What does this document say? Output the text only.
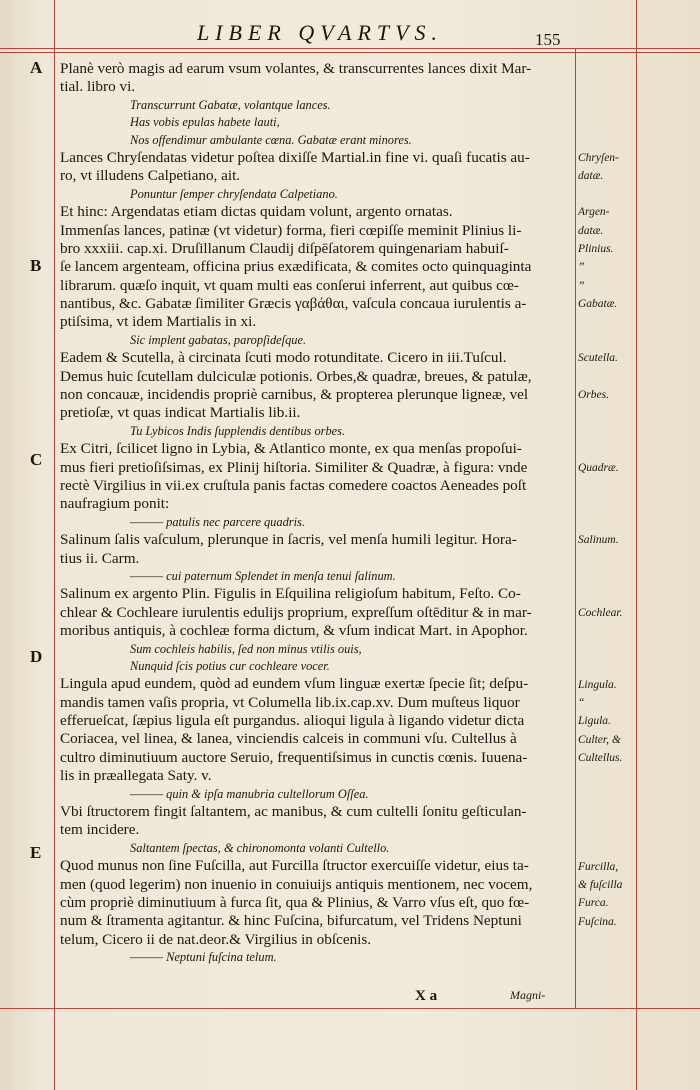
LIBER QVARTVS.	155
A
B
C
D
E
Planè verò magis ad earum vsum volantes, & transcurrentes lances dixit Mar-
tial. libro vi.
Transcurrunt Gabatæ, volantque lances.
Has vobis epulas habete lauti,
Nos offendimur ambulante cœna. Gabatæ erant minores.
Lances Chryſendatas videtur poſtea dixiſſe Martial.in fine vi. quaſi fucatis au-
ro, vt illudens Calpetiano, ait.
Ponuntur ſemper chryſendata Calpetiano.
Et hinc: Argendatas etiam dictas quidam volunt, argento ornatas.
Immenſas lances, patinæ (vt videtur) forma, fieri cœpiſſe meminit Plinius li-
bro xxxiii. cap.xi. Druſillanum Claudij diſpēſatorem quingenariam habuiſ-
ſe lancem argenteam, officina prius exædificata, & comites octo quinquaginta
librarum. quæſo inquit, vt quam multi eas conſerui inferrent, aut quibus cœ-
nantibus, &c. Gabatæ ſimiliter Græcis γαβάθαι, vaſcula concaua iurulentis a-
ptiſsima, vt idem Martialis in xi.
Sic implent gabatas, paropſideſque.
Eadem & Scutella, à circinata ſcuti modo rotunditate. Cicero in iii.Tuſcul.
Demus huic ſcutellam dulciculæ potionis. Orbes,& quadræ, breues, & patulæ,
non concauæ, incidendis propriè carnibus, & propterea plerunque ligneæ, vel
pretioſæ, vt quas indicat Martialis lib.ii.
Tu Lybicos Indis ſupplendis dentibus orbes.
Ex Citri, ſcilicet ligno in Lybia, & Atlantico monte, ex qua menſas propoſui-
mus fieri pretioſiſsimas, ex Plinij hiſtoria. Similiter & Quadræ, à figura: vnde
rectè Virgilius in vii.ex cruſtula panis factas comedere coactos Aeneades poſt
naufragium ponit:
——— patulis nec parcere quadris.
Salinum ſalis vaſculum, plerunque in ſacris, vel menſa humili legitur. Hora-
tius ii. Carm.
——— cui paternum Splendet in menſa tenui ſalinum.
Salinum ex argento Plin. Figulis in Eſquilina religioſum habitum, Feſto. Co-
chlear & Cochleare iurulentis edulijs proprium, expreſſum oſtēditur & in mar-
moribus antiquis, à cochleæ forma dictum, & vſum indicat Mart. in Apophor.
Sum cochleis habilis, ſed non minus vtilis ouis,
Nunquid ſcis potius cur cochleare vocer.
Lingula apud eundem, quòd ad eundem vſum linguæ exertæ ſpecie ſit; deſpu-
mandis tamen vaſis propria, vt Columella lib.ix.cap.xv. Dum muſteus liquor
efferueſcat, ſæpius ligula eſt purgandus. alioqui ligula à ligando videtur dicta
Coriacea, vel linea, & lanea, vinciendis calceis in communi vſu. Cultellus à
cultro diminutiuum auctore Seruio, frequentiſsimus in cunctis cœnis. Iuuena-
lis in præallegata Saty. v.
——— quin & ipſa manubria cultellorum Oſſea.
Vbi ſtructorem fingit ſaltantem, ac manibus, & cum cultelli ſonitu geſticulan-
tem incidere.
Saltantem ſpectas, & chironomonta volanti Cultello.
Quod munus non ſine Fuſcilla, aut Furcilla ſtructor exercuiſſe videtur, eius ta-
men (quod legerim) non inuenio in conuiuijs antiquis mentionem, nec vocem,
cùm propriè diminutiuum à furca ſit, qua & Plinius, & Varro vſus eſt, quo fœ-
num & ſtramenta agitantur. & hinc Fuſcina, bifurcatum, vel Tridens Neptuni
telum, Cicero ii de nat.deor.& Virgilius in obſcenis.
——— Neptuni fuſcina telum.
Chryſen-
datæ.
Argen-
datæ.
Plinius.
”
”
Gabatæ.
Scutella.
Orbes.
Quadræ.
Salinum.
Cochlear.
Lingula.
“
Ligula.
Culter, &
Cultellus.
Furcilla,
& fuſcilla
Furca.
Fuſcina.
X a	Magni-
